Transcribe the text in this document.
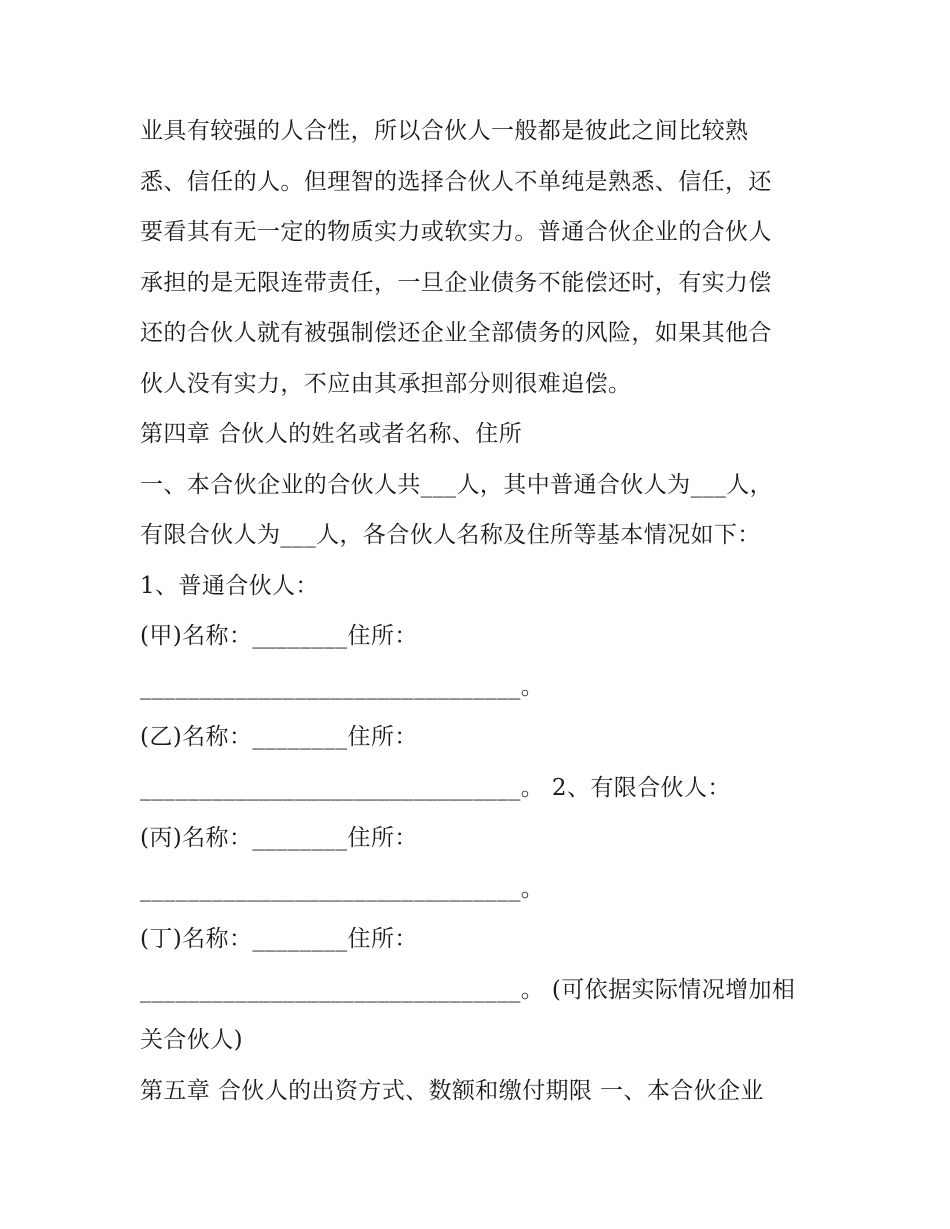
业具有较强的人合性，所以合伙人一般都是彼此之间比较熟
悉、信任的人。但理智的选择合伙人不单纯是熟悉、信任，还
要看其有无一定的物质实力或软实力。普通合伙企业的合伙人
承担的是无限连带责任，一旦企业债务不能偿还时，有实力偿
还的合伙人就有被强制偿还企业全部债务的风险，如果其他合
伙人没有实力，不应由其承担部分则很难追偿。
第四章 合伙人的姓名或者名称、住所
一、本合伙企业的合伙人共___人，其中普通合伙人为___人，
有限合伙人为___人，各合伙人名称及住所等基本情况如下：
1、普通合伙人：
(甲)名称：________住所：
________________________________。
(乙)名称：________住所：
________________________________。 2、有限合伙人：
(丙)名称：________住所：
________________________________。
(丁)名称：________住所：
________________________________。 (可依据实际情况增加相
关合伙人)
第五章 合伙人的出资方式、数额和缴付期限 一、本合伙企业
